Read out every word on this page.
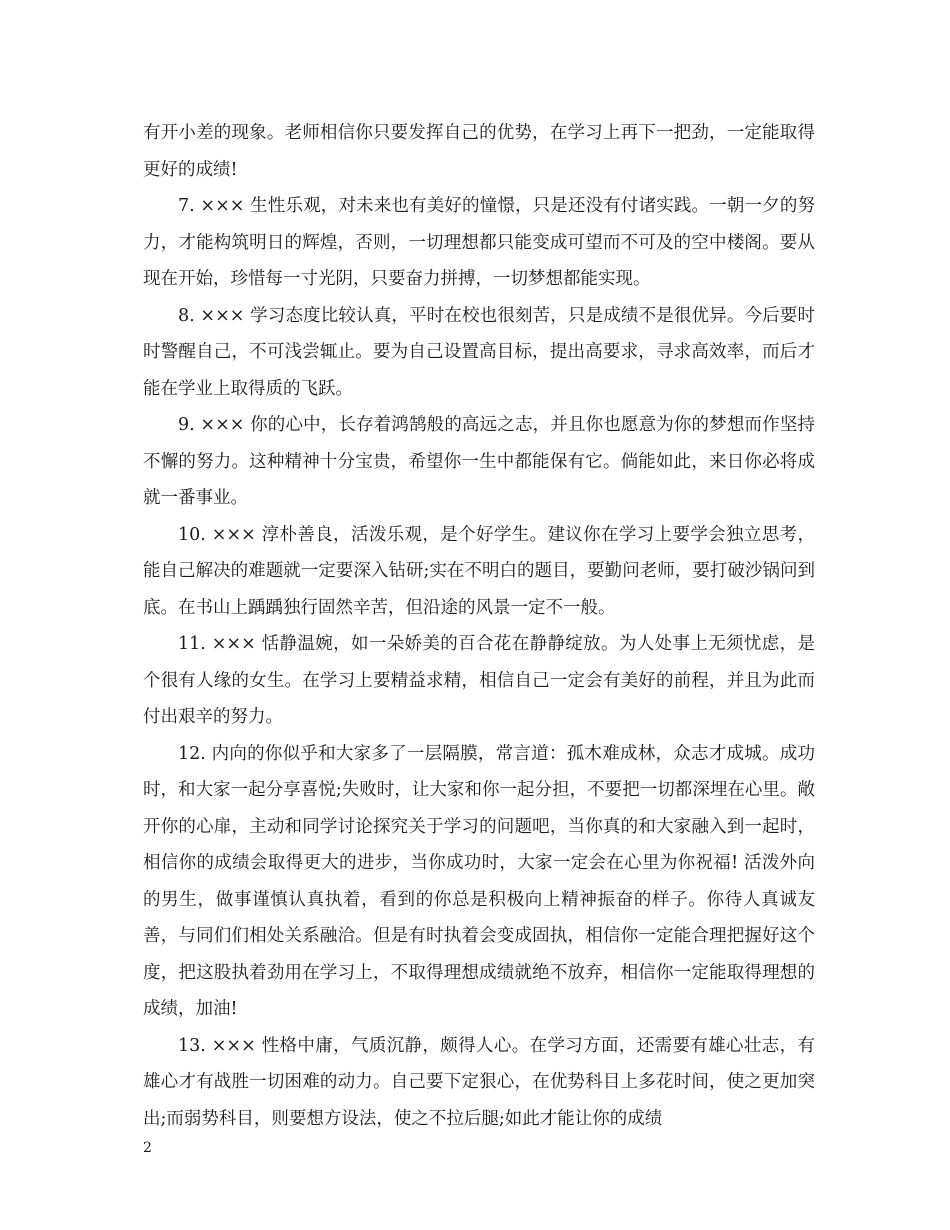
有开小差的现象。老师相信你只要发挥自己的优势，在学习上再下一把劲，一定能取得更好的成绩!

7. ××× 生性乐观，对未来也有美好的憧憬，只是还没有付诸实践。一朝一夕的努力，才能构筑明日的辉煌，否则，一切理想都只能变成可望而不可及的空中楼阁。要从现在开始，珍惜每一寸光阴，只要奋力拼搏，一切梦想都能实现。

8. ××× 学习态度比较认真，平时在校也很刻苦，只是成绩不是很优异。今后要时时警醒自己，不可浅尝辄止。要为自己设置高目标，提出高要求，寻求高效率，而后才能在学业上取得质的飞跃。

9. ××× 你的心中，长存着鸿鹄般的高远之志，并且你也愿意为你的梦想而作坚持不懈的努力。这种精神十分宝贵，希望你一生中都能保有它。倘能如此，来日你必将成就一番事业。

10. ××× 淳朴善良，活泼乐观，是个好学生。建议你在学习上要学会独立思考，能自己解决的难题就一定要深入钻研;实在不明白的题目，要勤问老师，要打破沙锅问到底。在书山上踽踽独行固然辛苦，但沿途的风景一定不一般。

11. ××× 恬静温婉，如一朵娇美的百合花在静静绽放。为人处事上无须忧虑，是个很有人缘的女生。在学习上要精益求精，相信自己一定会有美好的前程，并且为此而付出艰辛的努力。

12. 内向的你似乎和大家多了一层隔膜，常言道：孤木难成林，众志才成城。成功时，和大家一起分享喜悦;失败时，让大家和你一起分担，不要把一切都深埋在心里。敞开你的心扉，主动和同学讨论探究关于学习的问题吧，当你真的和大家融入到一起时，相信你的成绩会取得更大的进步，当你成功时，大家一定会在心里为你祝福! 活泼外向的男生，做事谨慎认真执着，看到的你总是积极向上精神振奋的样子。你待人真诚友善，与同们们相处关系融洽。但是有时执着会变成固执，相信你一定能合理把握好这个度，把这股执着劲用在学习上，不取得理想成绩就绝不放弃，相信你一定能取得理想的成绩，加油!

13. ××× 性格中庸，气质沉静，颇得人心。在学习方面，还需要有雄心壮志，有雄心才有战胜一切困难的动力。自己要下定狠心，在优势科目上多花时间，使之更加突出;而弱势科目，则要想方设法，使之不拉后腿;如此才能让你的成绩

2
